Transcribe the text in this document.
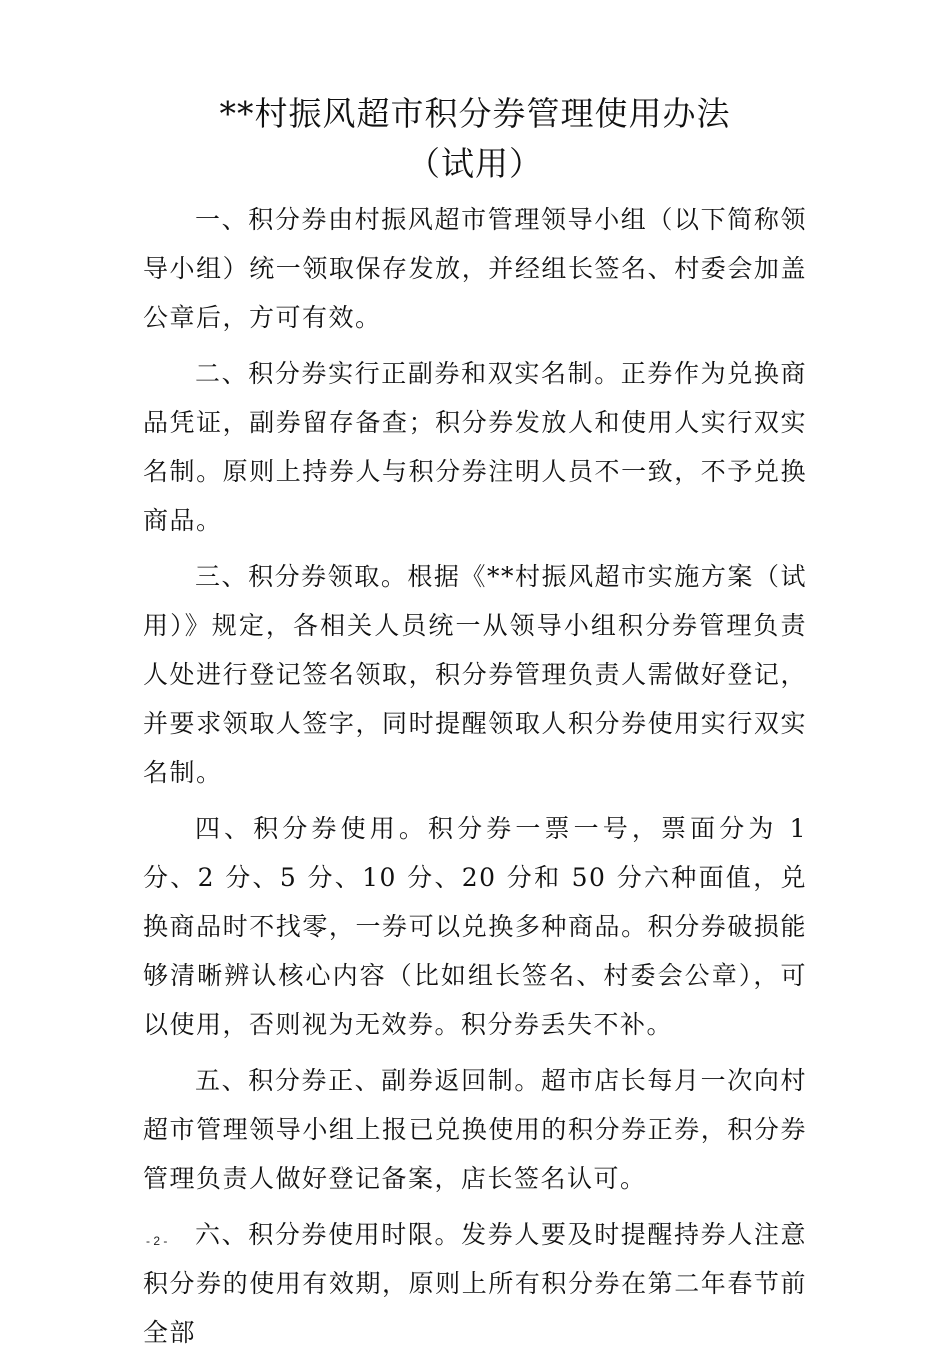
**村振风超市积分券管理使用办法
（试用）

一、积分券由村振风超市管理领导小组（以下简称领导小组）统一领取保存发放，并经组长签名、村委会加盖公章后，方可有效。

二、积分券实行正副券和双实名制。正券作为兑换商品凭证，副券留存备查；积分券发放人和使用人实行双实名制。原则上持券人与积分券注明人员不一致，不予兑换商品。

三、积分券领取。根据《**村振风超市实施方案（试用）》规定，各相关人员统一从领导小组积分券管理负责人处进行登记签名领取，积分券管理负责人需做好登记，并要求领取人签字，同时提醒领取人积分券使用实行双实名制。

四、积分券使用。积分券一票一号，票面分为 1 分、2 分、5 分、10 分、20 分和 50 分六种面值，兑换商品时不找零，一券可以兑换多种商品。积分券破损能够清晰辨认核心内容（比如组长签名、村委会公章），可以使用，否则视为无效券。积分券丢失不补。

五、积分券正、副券返回制。超市店长每月一次向村超市管理领导小组上报已兑换使用的积分券正券，积分券管理负责人做好登记备案，店长签名认可。

六、积分券使用时限。发券人要及时提醒持券人注意积分券的使用有效期，原则上所有积分券在第二年春节前全部

- 2 -
